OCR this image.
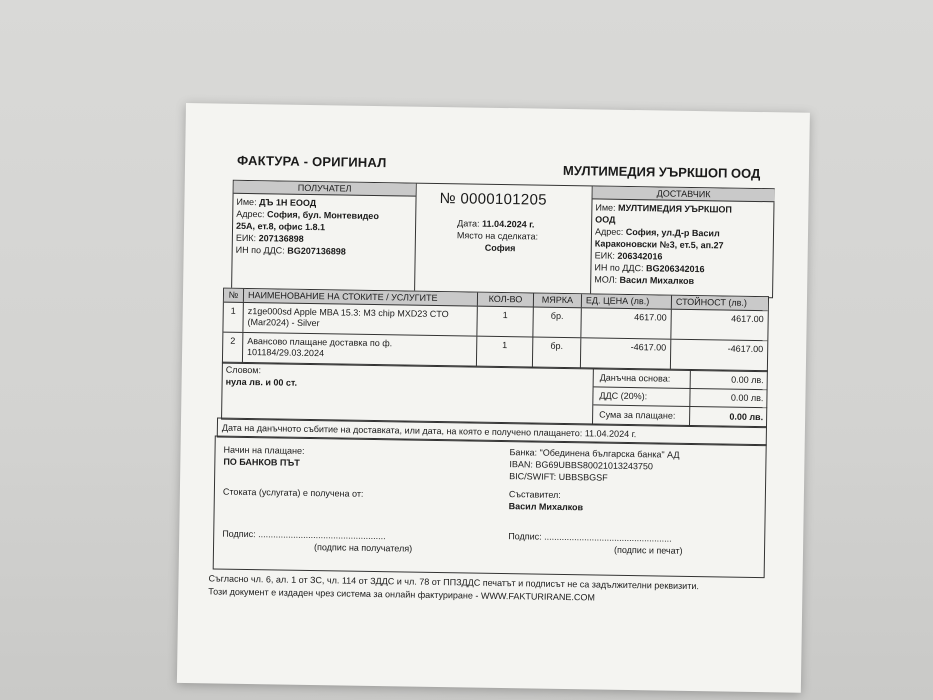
ФАКТУРА - ОРИГИНАЛ
МУЛТИМЕДИЯ УЪРКШОП ООД
ПОЛУЧАТЕЛ
Име: ДЪ 1Н ЕООД
Адрес: София, бул. Монтевидео
25А, ет.8, офис 1.8.1
ЕИК: 207136898
ИН по ДДС: BG207136898
№ 0000101205
Дата: 11.04.2024 г.
Място на сделката:
София
ДОСТАВЧИК
Име: МУЛТИМЕДИЯ УЪРКШОП
ООД
Адрес: София, ул.Д-р Васил
Караконовски №3, ет.5, ап.27
ЕИК: 206342016
ИН по ДДС: BG206342016
МОЛ: Васил Михалков
№	НАИМЕНОВАНИЕ НА СТОКИТЕ / УСЛУГИТЕ	КОЛ-ВО	МЯРКА	ЕД. ЦЕНА (лв.)	СТОЙНОСТ (лв.)
1	z1ge000sd Apple MBA 15.3: M3 chip MXD23 CTO
(Mar2024) - Silver
1	бр.	4617.00	4617.00
2	Авансово плащане доставка по ф.
101184/29.03.2024
1	бр.	-4617.00	-4617.00
Словом:
нула лв. и 00 ст.	Данъчна основа:	0.00 лв.
ДДС (20%):	0.00 лв.
Сума за плащане:	0.00 лв.
Дата на данъчното събитие на доставката, или дата, на която е получено плащането: 11.04.2024 г.
Начин на плащане:
ПО БАНКОВ ПЪТ
Банка: "Обединена българска банка" АД
IBAN: BG69UBBS80021013243750
BIC/SWIFT: UBBSBGSF
Стоката (услугата) е получена от:	Съставител:
Васил Михалков
Подпис: ...................................................
(подпис на получателя)
Подпис: ...................................................
(подпис и печат)
Съгласно чл. 6, ал. 1 от ЗС, чл. 114 от ЗДДС и чл. 78 от ППЗДДС печатът и подписът не са задължителни реквизити.
Този документ е издаден чрез система за онлайн фактуриране - WWW.FAKTURIRANE.COM
